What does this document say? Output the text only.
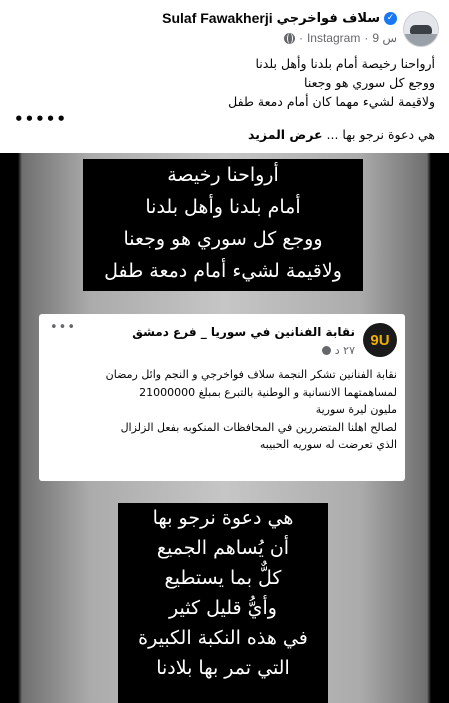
•••••
Sulaf Fawakherji سلاف فواخرجي ✓
· Instagram · 9 س
أرواحنا رخيصة أمام بلدنا وأهل بلدنا
ووجع كل سوري هو وجعنا
ولاقيمة لشيء مهما كان أمام دمعة طفل
هي دعوة نرجو بها ... عرض المزيد
أرواحنا رخيصة
أمام بلدنا وأهل بلدنا
ووجع كل سوري هو وجعنا
ولاقيمة لشيء أمام دمعة طفل
•••
9U
نقابة الفنانين في سوريا _ فرع دمشق
٢٧ د
نقابة الفنانين تشكر النجمة سلاف فواخرجي و النجم وائل رمضان
لمساهمتهما الانسانية و الوطنية بالتبرع بمبلغ 21000000
مليون ليرة سورية
لصالح اهلنا المتضررين في المحافظات المنكوبه بفعل الزلزال
الذي تعرضت له سوريه الحبيبه
هي دعوة نرجو بها
أن يُساهم الجميع
كلٌّ بما يستطيع
وأيُّ قليل كثير
في هذه النكبة الكبيرة
التي تمر بها بلادنا
